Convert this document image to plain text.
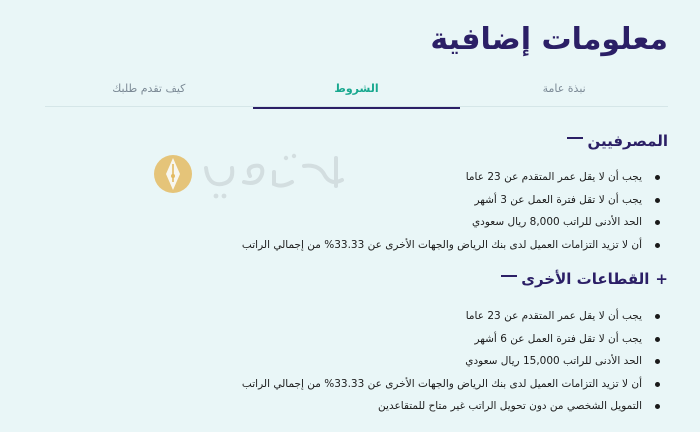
معلومات إضافية
نبذة عامة
الشروط
كيف تقدم طلبك
المصرفيين
يجب أن لا يقل عمر المتقدم عن 23 عاما
يجب أن لا تقل فترة العمل عن 3 أشهر
الحد الأدنى للراتب 8,000 ريال سعودي
أن لا تزيد التزامات العميل لدى بنك الرياض والجهات الأخرى عن 33.33% من إجمالي الراتب
+
القطاعات الأخرى
يجب أن لا يقل عمر المتقدم عن 23 عاما
يجب أن لا تقل فترة العمل عن 6 أشهر
الحد الأدنى للراتب 15,000 ريال سعودي
أن لا تزيد التزامات العميل لدى بنك الرياض والجهات الأخرى عن 33.33% من إجمالي الراتب
التمويل الشخصي من دون تحويل الراتب غير متاح للمتقاعدين
